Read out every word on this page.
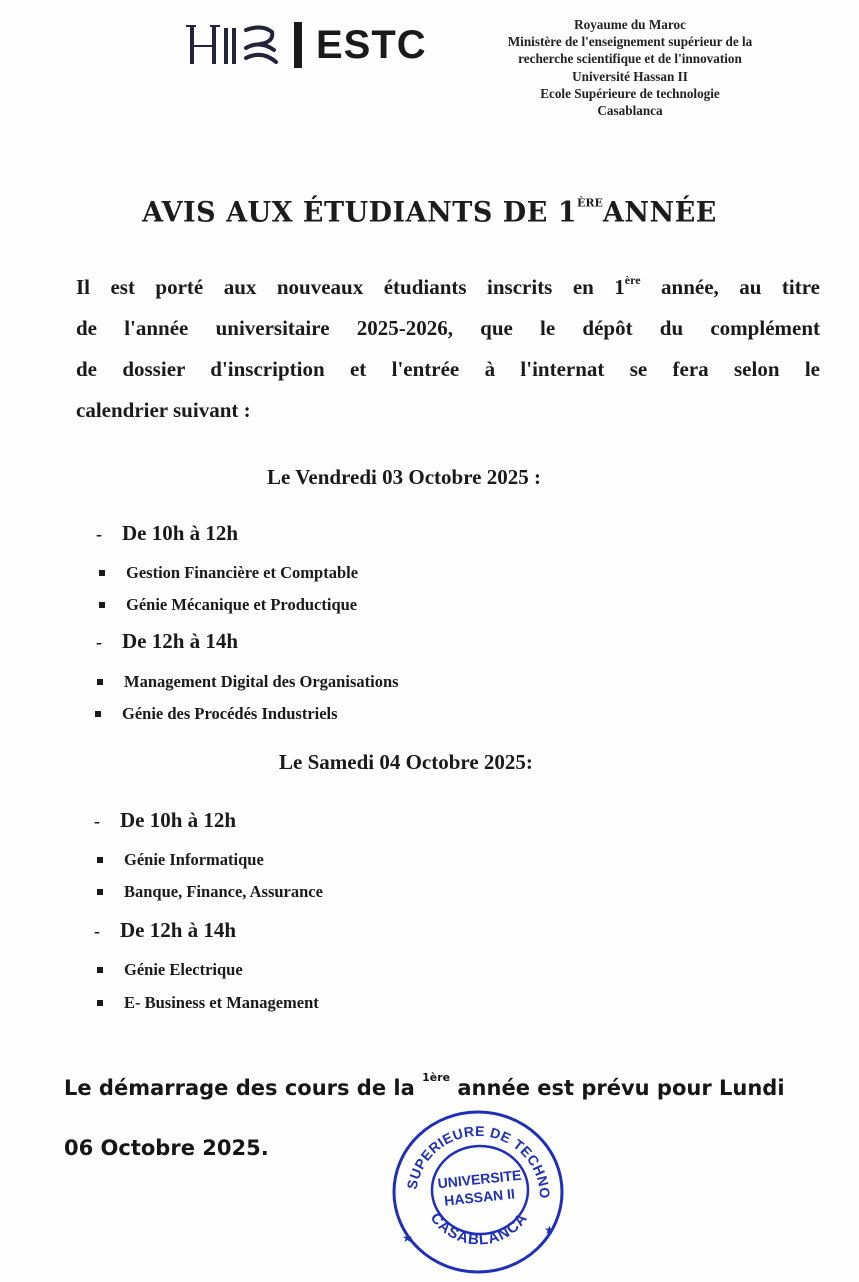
ESTC	Royaume du Maroc
Ministère de l'enseignement supérieur de la
recherche scientifique et de l'innovation
Université Hassan II
Ecole Supérieure de technologie
Casablanca
AVIS AUX ÉTUDIANTS DE 1ÈREANNÉE
Il est porté aux nouveaux étudiants inscrits en 1ère année, au titre
de l'année universitaire 2025-2026, que le dépôt du complément
de dossier d'inscription et l'entrée à l'internat se fera selon le
calendrier suivant :
Le Vendredi 03 Octobre 2025 :
- De 10h à 12h
Gestion Financière et Comptable
Génie Mécanique et Productique
- De 12h à 14h
Management Digital des Organisations
Génie des Procédés Industriels
Le Samedi 04 Octobre 2025:
- De 10h à 12h
Génie Informatique
Banque, Finance, Assurance
- De 12h à 14h
Génie Electrique
E- Business et Management
Le démarrage des cours de la $^{1ère}$ année est prévu pour Lundi
06 Octobre 2025.
SUPERIEURE DE TECHNO
CASABLANCA
★
★
UNIVERSITE
HASSAN II
